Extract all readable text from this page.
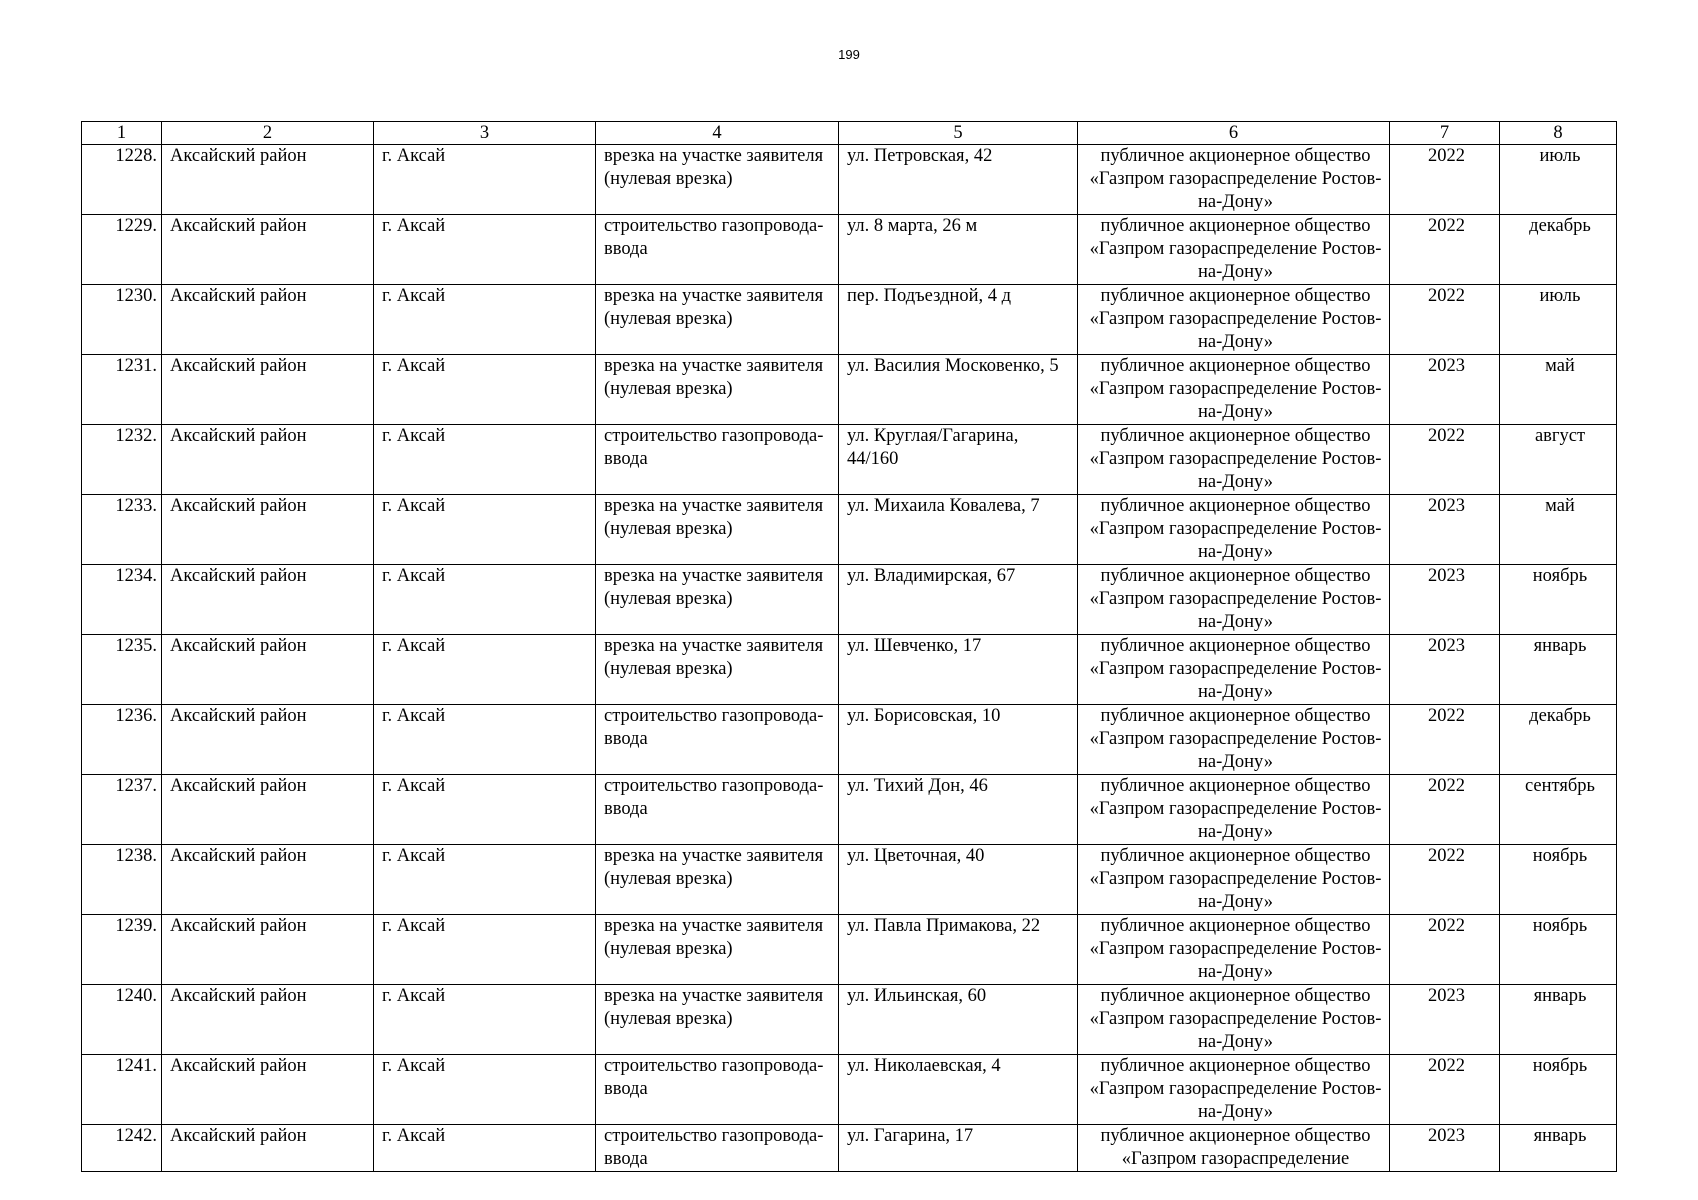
199
1	2	3	4	5	6	7	8
1228.	Аксайский район	г. Аксай	врезка на участке заявителя (нулевая врезка)	ул. Петровская, 42	публичное акционерное общество «Газпром газораспределение Ростов-на-Дону»	2022	июль
1229.	Аксайский район	г. Аксай	строительство газопровода-ввода	ул. 8 марта, 26 м	публичное акционерное общество «Газпром газораспределение Ростов-на-Дону»	2022	декабрь
1230.	Аксайский район	г. Аксай	врезка на участке заявителя (нулевая врезка)	пер. Подъездной, 4 д	публичное акционерное общество «Газпром газораспределение Ростов-на-Дону»	2022	июль
1231.	Аксайский район	г. Аксай	врезка на участке заявителя (нулевая врезка)	ул. Василия Московенко, 5	публичное акционерное общество «Газпром газораспределение Ростов-на-Дону»	2023	май
1232.	Аксайский район	г. Аксай	строительство газопровода-ввода	ул. Круглая/Гагарина, 44/160	публичное акционерное общество «Газпром газораспределение Ростов-на-Дону»	2022	август
1233.	Аксайский район	г. Аксай	врезка на участке заявителя (нулевая врезка)	ул. Михаила Ковалева, 7	публичное акционерное общество «Газпром газораспределение Ростов-на-Дону»	2023	май
1234.	Аксайский район	г. Аксай	врезка на участке заявителя (нулевая врезка)	ул. Владимирская, 67	публичное акционерное общество «Газпром газораспределение Ростов-на-Дону»	2023	ноябрь
1235.	Аксайский район	г. Аксай	врезка на участке заявителя (нулевая врезка)	ул. Шевченко, 17	публичное акционерное общество «Газпром газораспределение Ростов-на-Дону»	2023	январь
1236.	Аксайский район	г. Аксай	строительство газопровода-ввода	ул. Борисовская, 10	публичное акционерное общество «Газпром газораспределение Ростов-на-Дону»	2022	декабрь
1237.	Аксайский район	г. Аксай	строительство газопровода-ввода	ул. Тихий Дон, 46	публичное акционерное общество «Газпром газораспределение Ростов-на-Дону»	2022	сентябрь
1238.	Аксайский район	г. Аксай	врезка на участке заявителя (нулевая врезка)	ул. Цветочная, 40	публичное акционерное общество «Газпром газораспределение Ростов-на-Дону»	2022	ноябрь
1239.	Аксайский район	г. Аксай	врезка на участке заявителя (нулевая врезка)	ул. Павла Примакова, 22	публичное акционерное общество «Газпром газораспределение Ростов-на-Дону»	2022	ноябрь
1240.	Аксайский район	г. Аксай	врезка на участке заявителя (нулевая врезка)	ул. Ильинская, 60	публичное акционерное общество «Газпром газораспределение Ростов-на-Дону»	2023	январь
1241.	Аксайский район	г. Аксай	строительство газопровода-ввода	ул. Николаевская, 4	публичное акционерное общество «Газпром газораспределение Ростов-на-Дону»	2022	ноябрь
1242.	Аксайский район	г. Аксай	строительство газопровода-ввода	ул. Гагарина, 17	публичное акционерное общество «Газпром газораспределение	2023	январь
